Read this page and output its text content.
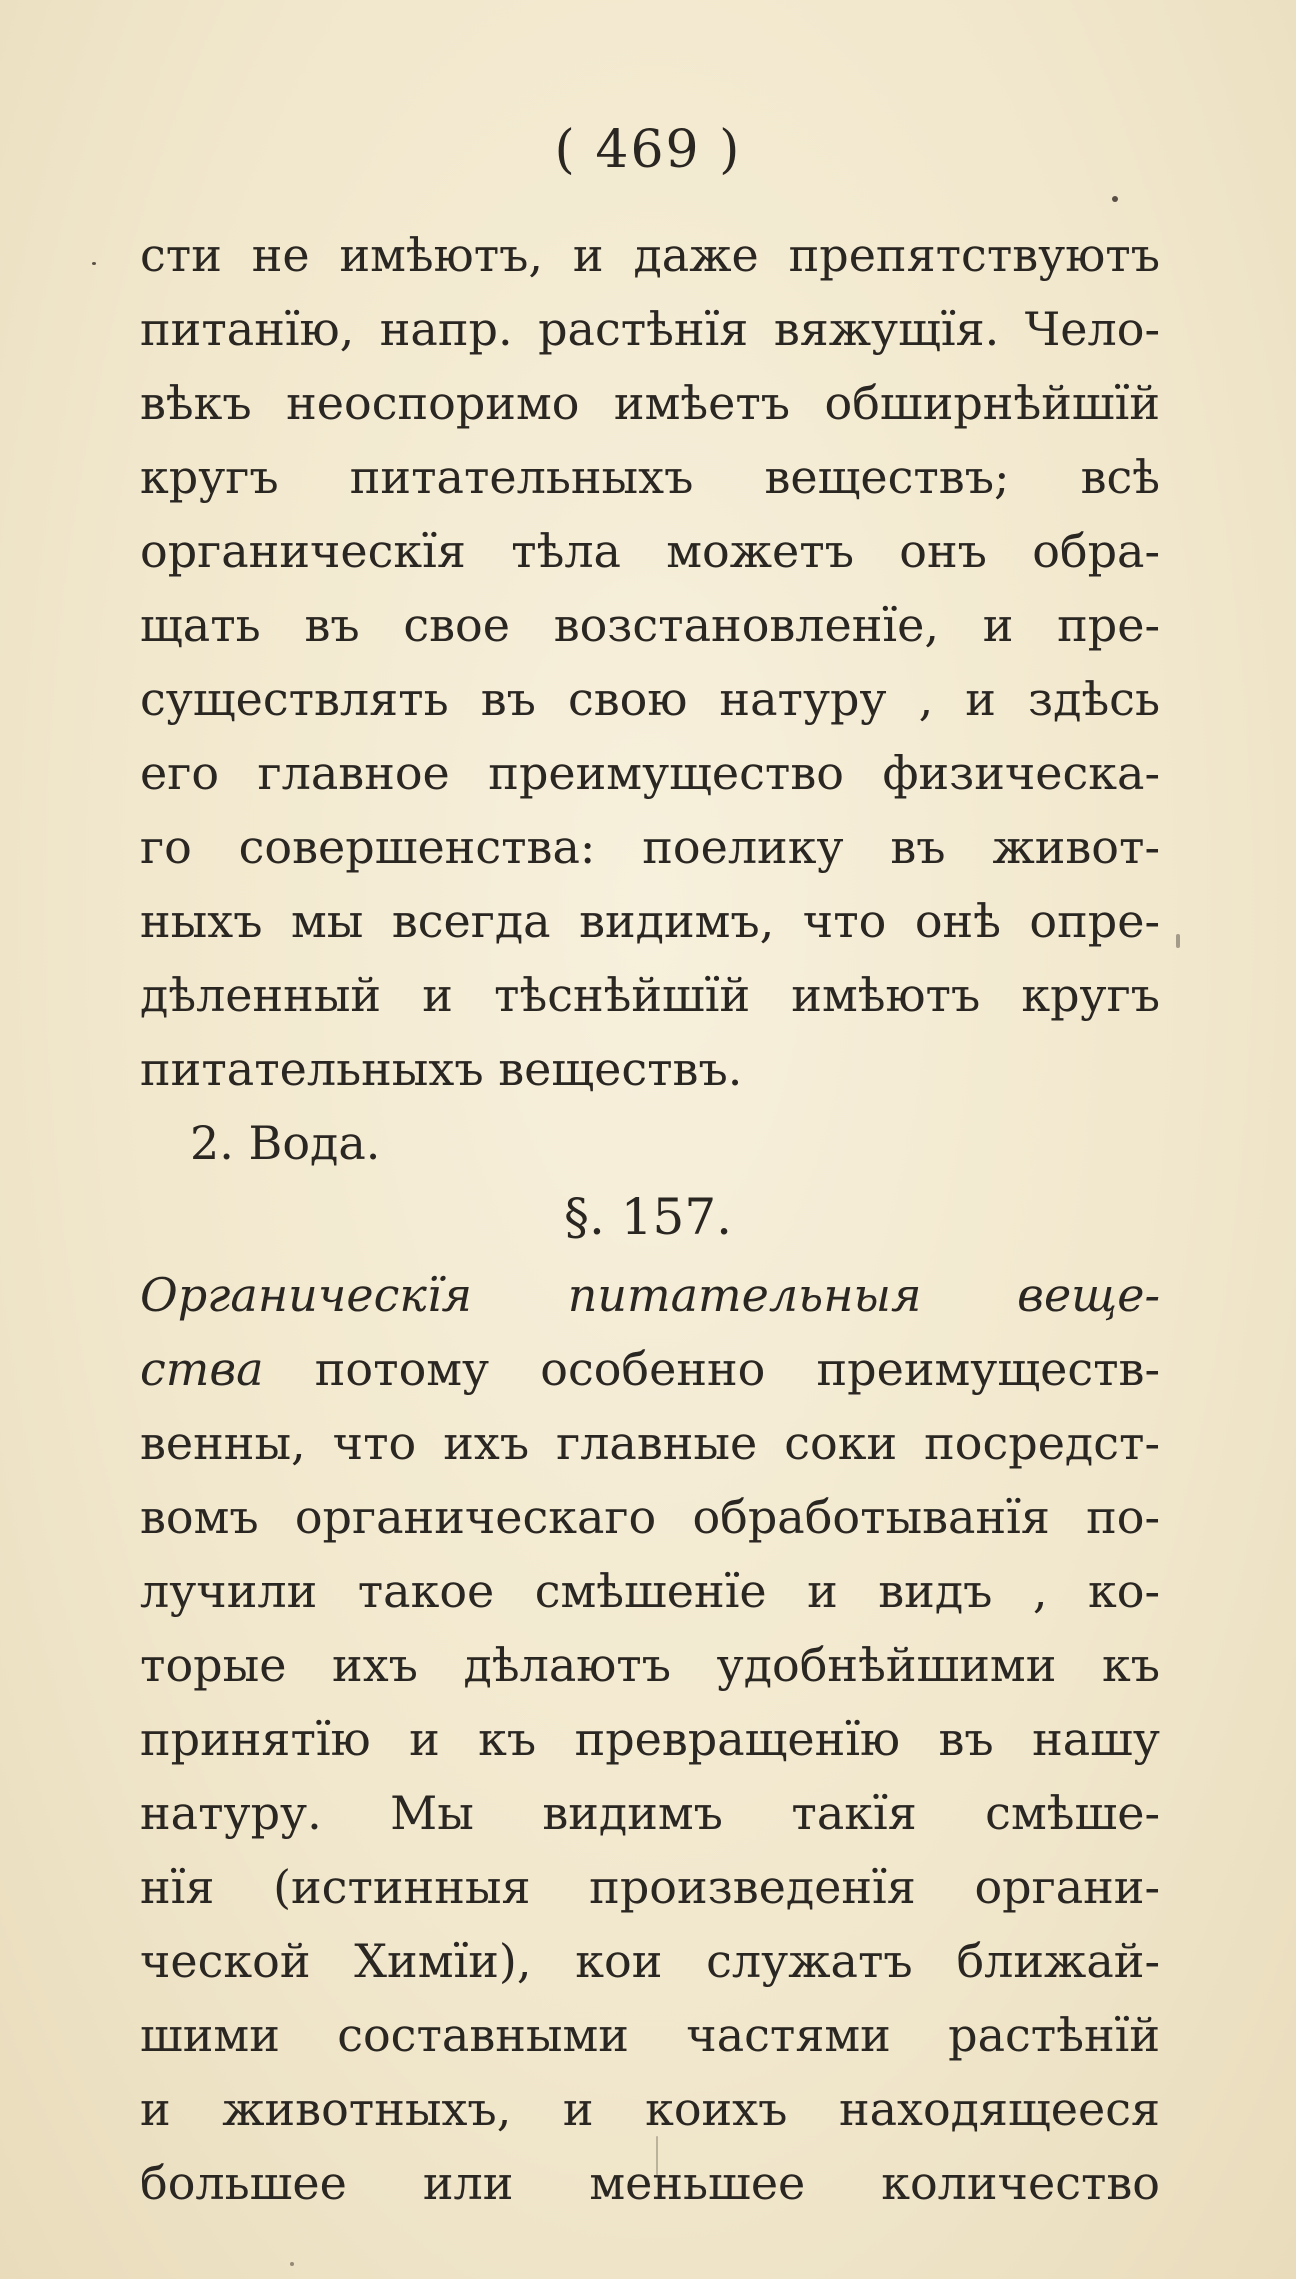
( 469 )
сти не имѣютъ, и даже препятствуютъ
питанїю, напр. растѣнїя вяжущїя. Чело-
вѣкъ неоспоримо имѣетъ обширнѣйшїй
кругъ питательныхъ веществъ; всѣ
органическїя тѣла можетъ онъ обра-
щать въ свое возстановленїе, и пре-
существлять въ свою натуру , и здѣсь
его главное преимущество физическа-
го совершенства: поелику въ живот-
ныхъ мы всегда видимъ, что онѣ опре-
дѣленный и тѣснѣйшїй имѣютъ кругъ
питательныхъ веществъ.
2. Вода.
§. 157.
Органическїя питательныя веще-
ства потому особенно преимуществ-
венны, что ихъ главные соки посредст-
вомъ органическаго обработыванїя по-
лучили такое смѣшенїе и видъ , ко-
торые ихъ дѣлаютъ удобнѣйшими къ
принятїю и къ превращенїю въ нашу
натуру. Мы видимъ такїя смѣше-
нїя (истинныя произведенїя органи-
ческой Химїи), кои служатъ ближай-
шими составными частями растѣнїй
и животныхъ, и коихъ находящееся
большее или меньшее количество
